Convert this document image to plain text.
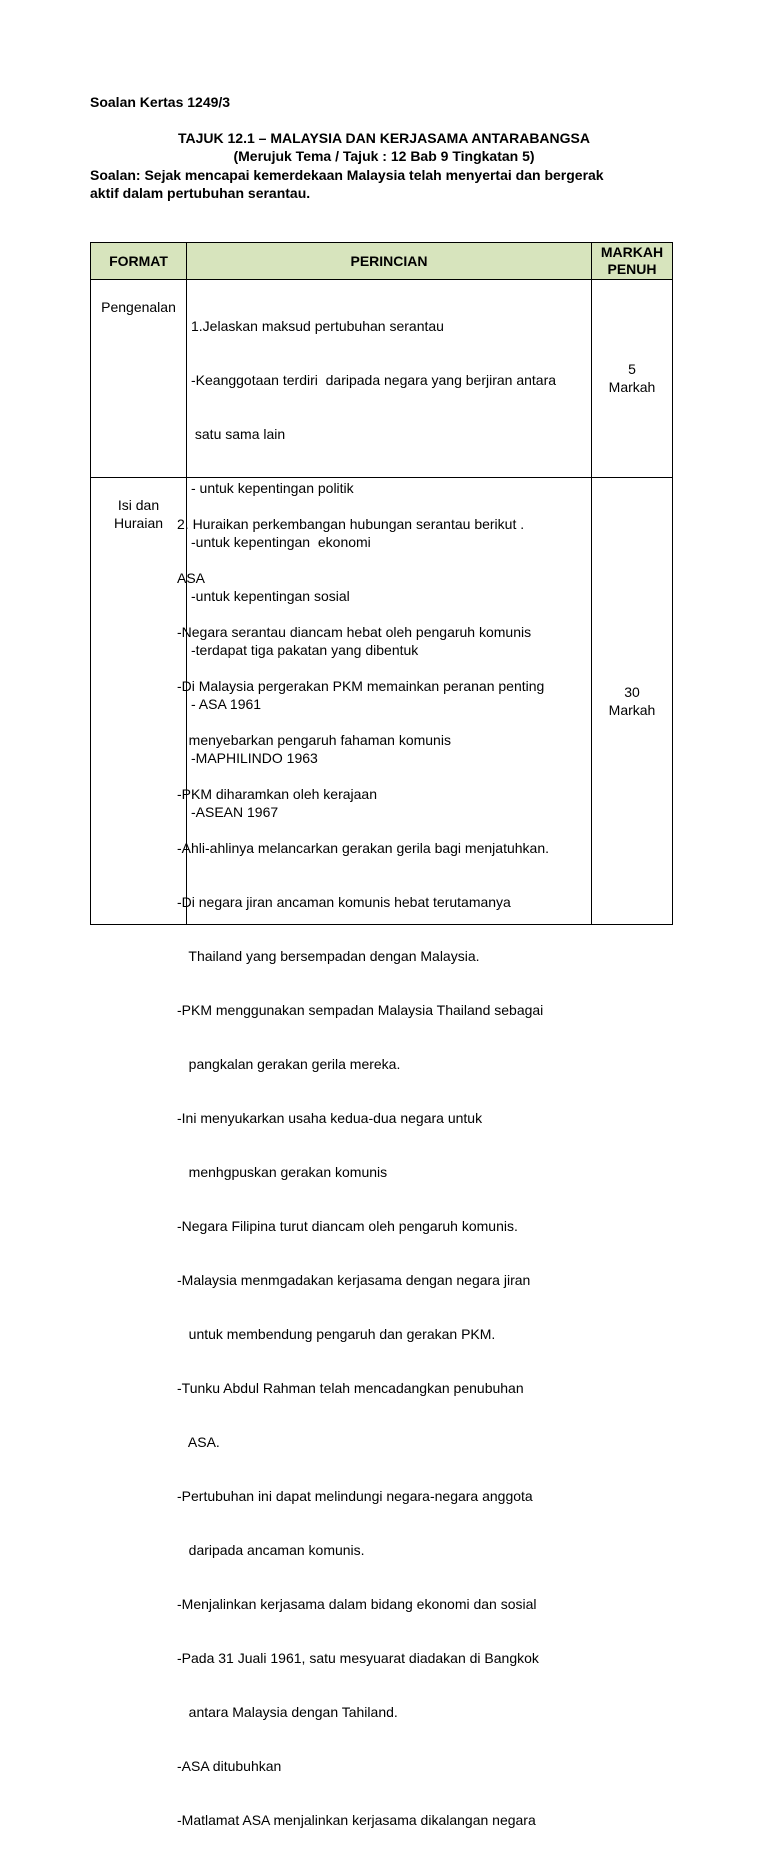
Soalan Kertas 1249/3
TAJUK 12.1 – MALAYSIA DAN KERJASAMA ANTARABANGSA
(Merujuk Tema / Tajuk : 12 Bab 9 Tingkatan 5)
Soalan: Sejak mencapai kemerdekaan Malaysia telah menyertai dan bergerak
aktif dalam pertubuhan serantau.
FORMAT	PERINCIAN
MARKAH
PENUH
Pengenalan

1.Jelaskan maksud pertubuhan serantau

-Keanggotaan terdiri  daripada negara yang berjiran antara

satu sama lain

- untuk kepentingan politik

-untuk kepentingan  ekonomi

-untuk kepentingan sosial

-terdapat tiga pakatan yang dibentuk

- ASA 1961

-MAPHILINDO 1963

-ASEAN 1967

5
Markah
Isi dan
Huraian

2. Huraikan perkembangan hubungan serantau berikut .

ASA

-Negara serantau diancam hebat oleh pengaruh komunis

-Di Malaysia pergerakan PKM memainkan peranan penting

menyebarkan pengaruh fahaman komunis

-PKM diharamkan oleh kerajaan

-Ahli-ahlinya melancarkan gerakan gerila bagi menjatuhkan.

-Di negara jiran ancaman komunis hebat terutamanya

Thailand yang bersempadan dengan Malaysia.

-PKM menggunakan sempadan Malaysia Thailand sebagai

pangkalan gerakan gerila mereka.

-Ini menyukarkan usaha kedua-dua negara untuk

menhgpuskan gerakan komunis

-Negara Filipina turut diancam oleh pengaruh komunis.

-Malaysia menmgadakan kerjasama dengan negara jiran

untuk membendung pengaruh dan gerakan PKM.

-Tunku Abdul Rahman telah mencadangkan penubuhan

ASA.

-Pertubuhan ini dapat melindungi negara-negara anggota

daripada ancaman komunis.

-Menjalinkan kerjasama dalam bidang ekonomi dan sosial

-Pada 31 Juali 1961, satu mesyuarat diadakan di Bangkok

antara Malaysia dengan Tahiland.

-ASA ditubuhkan

-Matlamat ASA menjalinkan kerjasama dikalangan negara

30
Markah
